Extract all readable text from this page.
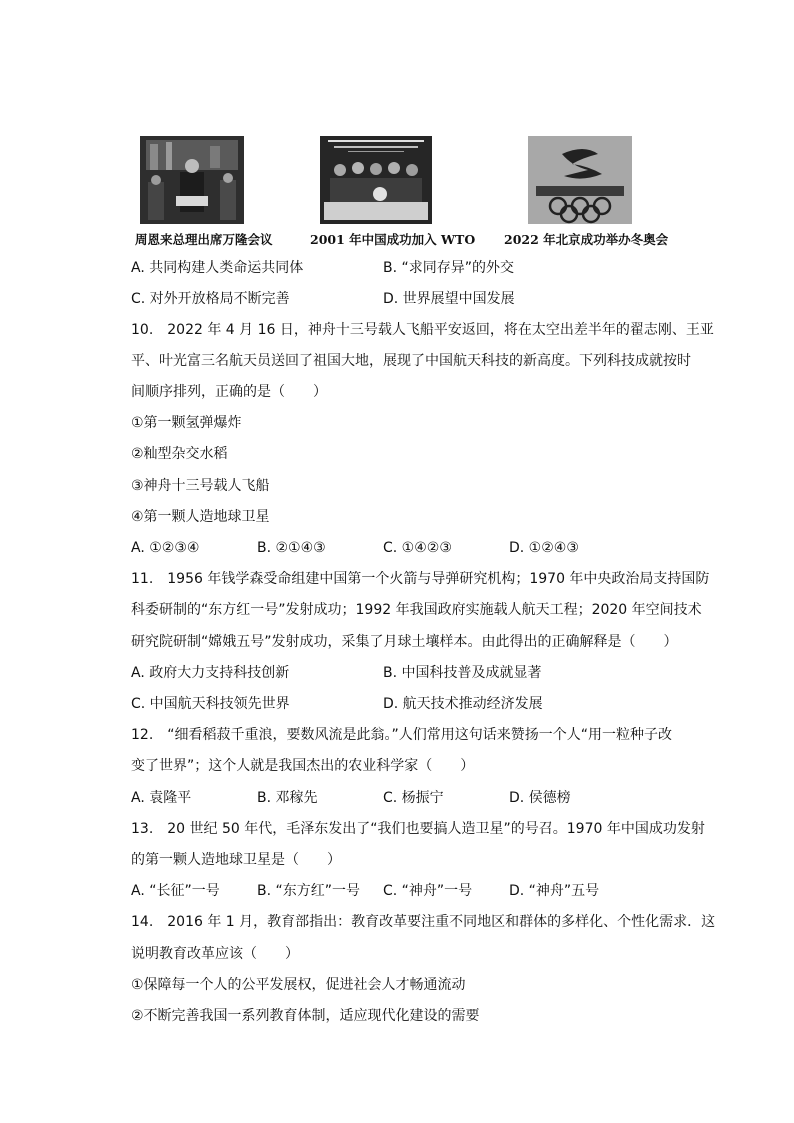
周恩来总理出席万隆会议	2001 年中国成功加入 WTO 2022 年北京成功举办冬奥会
A. 共同构建人类命运共同体	B. “求同存异”的外交
C. 对外开放格局不断完善	D. 世界展望中国发展
10.　2022 年 4 月 16 日，神舟十三号载人飞船平安返回，将在太空出差半年的翟志刚、王亚
平、叶光富三名航天员送回了祖国大地，展现了中国航天科技的新高度。下列科技成就按时
间顺序排列，正确的是（　　）
①第一颗氢弹爆炸
②籼型杂交水稻
③神舟十三号载人飞船
④第一颗人造地球卫星
A. ①②③④	B. ②①④③	C. ①④②③	D. ①②④③
11.　1956 年钱学森受命组建中国第一个火箭与导弹研究机构；1970 年中央政治局支持国防
科委研制的“东方红一号”发射成功；1992 年我国政府实施载人航天工程；2020 年空间技术
研究院研制“嫦娥五号”发射成功，采集了月球土壤样本。由此得出的正确解释是（　　）
A. 政府大力支持科技创新	B. 中国科技普及成就显著
C. 中国航天科技领先世界	D. 航天技术推动经济发展
12.　“细看稻菽千重浪，要数风流是此翁。”人们常用这句话来赞扬一个人“用一粒种子改
变了世界”；这个人就是我国杰出的农业科学家（　　）
A. 袁隆平	B. 邓稼先	C. 杨振宁	D. 侯德榜
13.　20 世纪 50 年代，毛泽东发出了“我们也要搞人造卫星”的号召。1970 年中国成功发射
的第一颗人造地球卫星是（　　）
A. “长征”一号	B. “东方红”一号 C. “神舟”一号	D. “神舟”五号
14.　2016 年 1 月，教育部指出：教育改革要注重不同地区和群体的多样化、个性化需求．这
说明教育改革应该（　　）
①保障每一个人的公平发展权，促进社会人才畅通流动
②不断完善我国一系列教育体制，适应现代化建设的需要
